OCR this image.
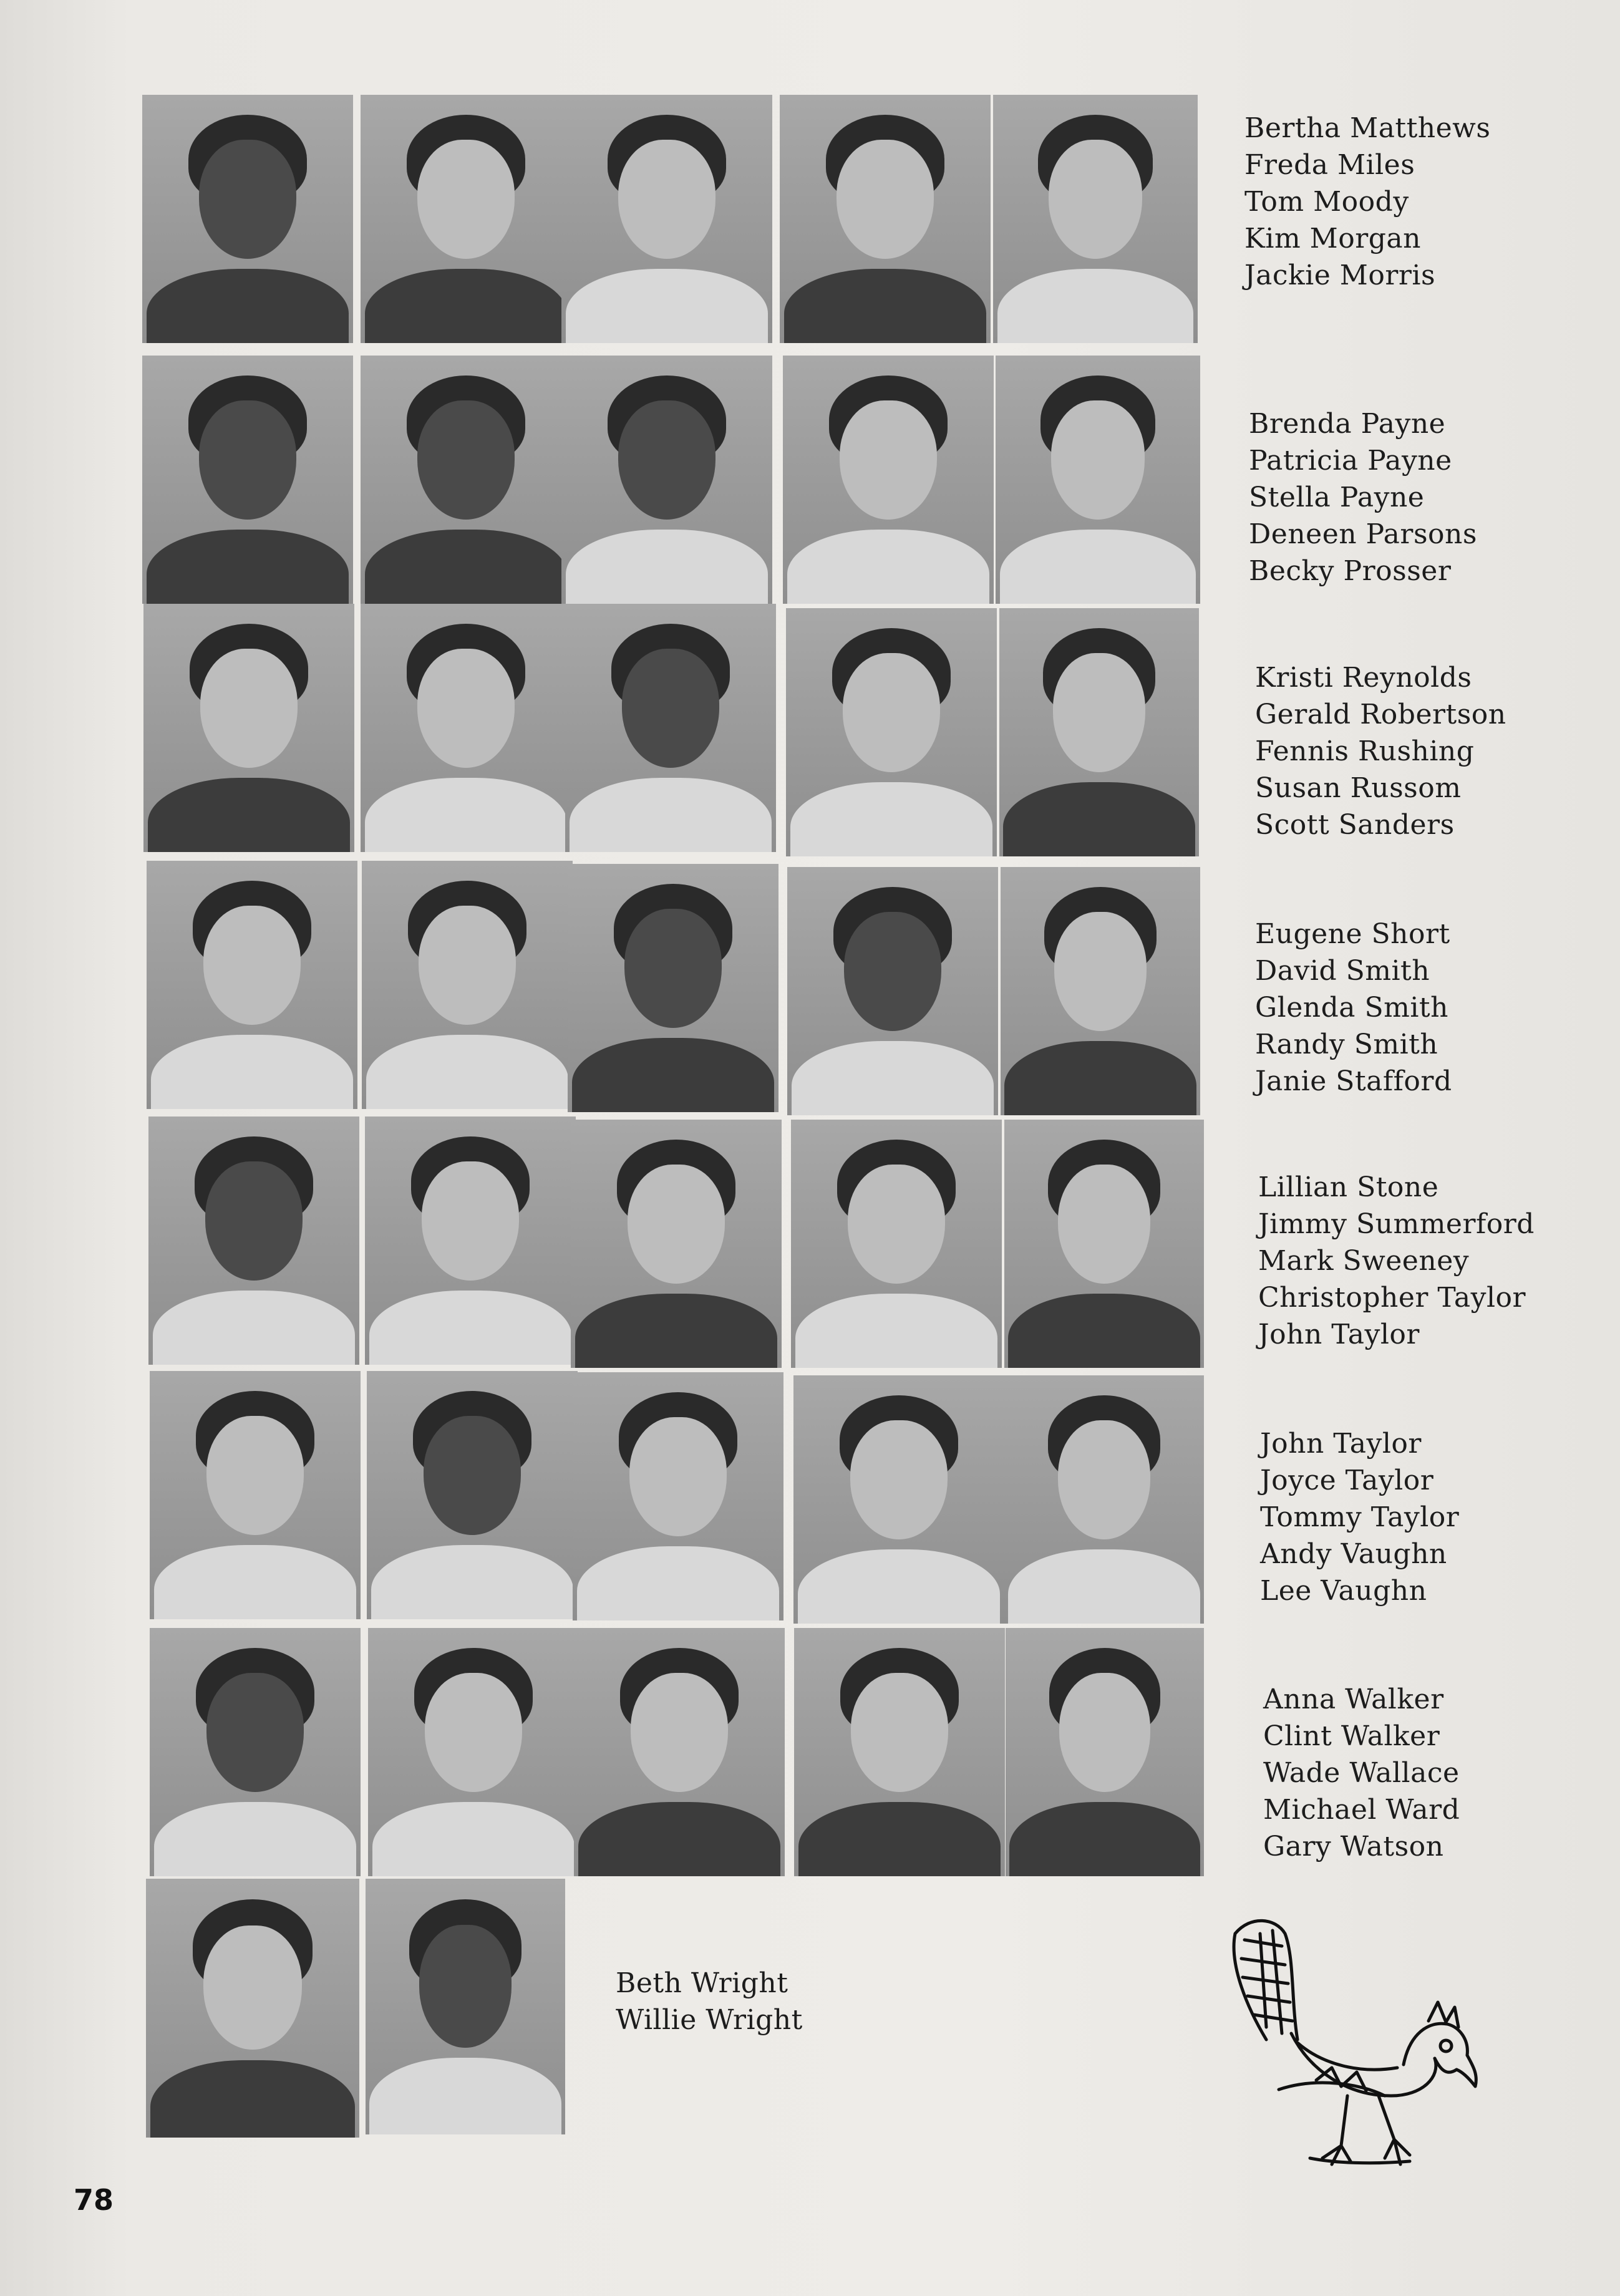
Bertha Matthews
Freda Miles
Tom Moody
Kim Morgan
Jackie Morris
Brenda Payne
Patricia Payne
Stella Payne
Deneen Parsons
Becky Prosser
Kristi Reynolds
Gerald Robertson
Fennis Rushing
Susan Russom
Scott Sanders
Eugene Short
David Smith
Glenda Smith
Randy Smith
Janie Stafford
Lillian Stone
Jimmy Summerford
Mark Sweeney
Christopher Taylor
John Taylor
John Taylor
Joyce Taylor
Tommy Taylor
Andy Vaughn
Lee Vaughn
Anna Walker
Clint Walker
Wade Wallace
Michael Ward
Gary Watson
Beth Wright
Willie Wright
78
